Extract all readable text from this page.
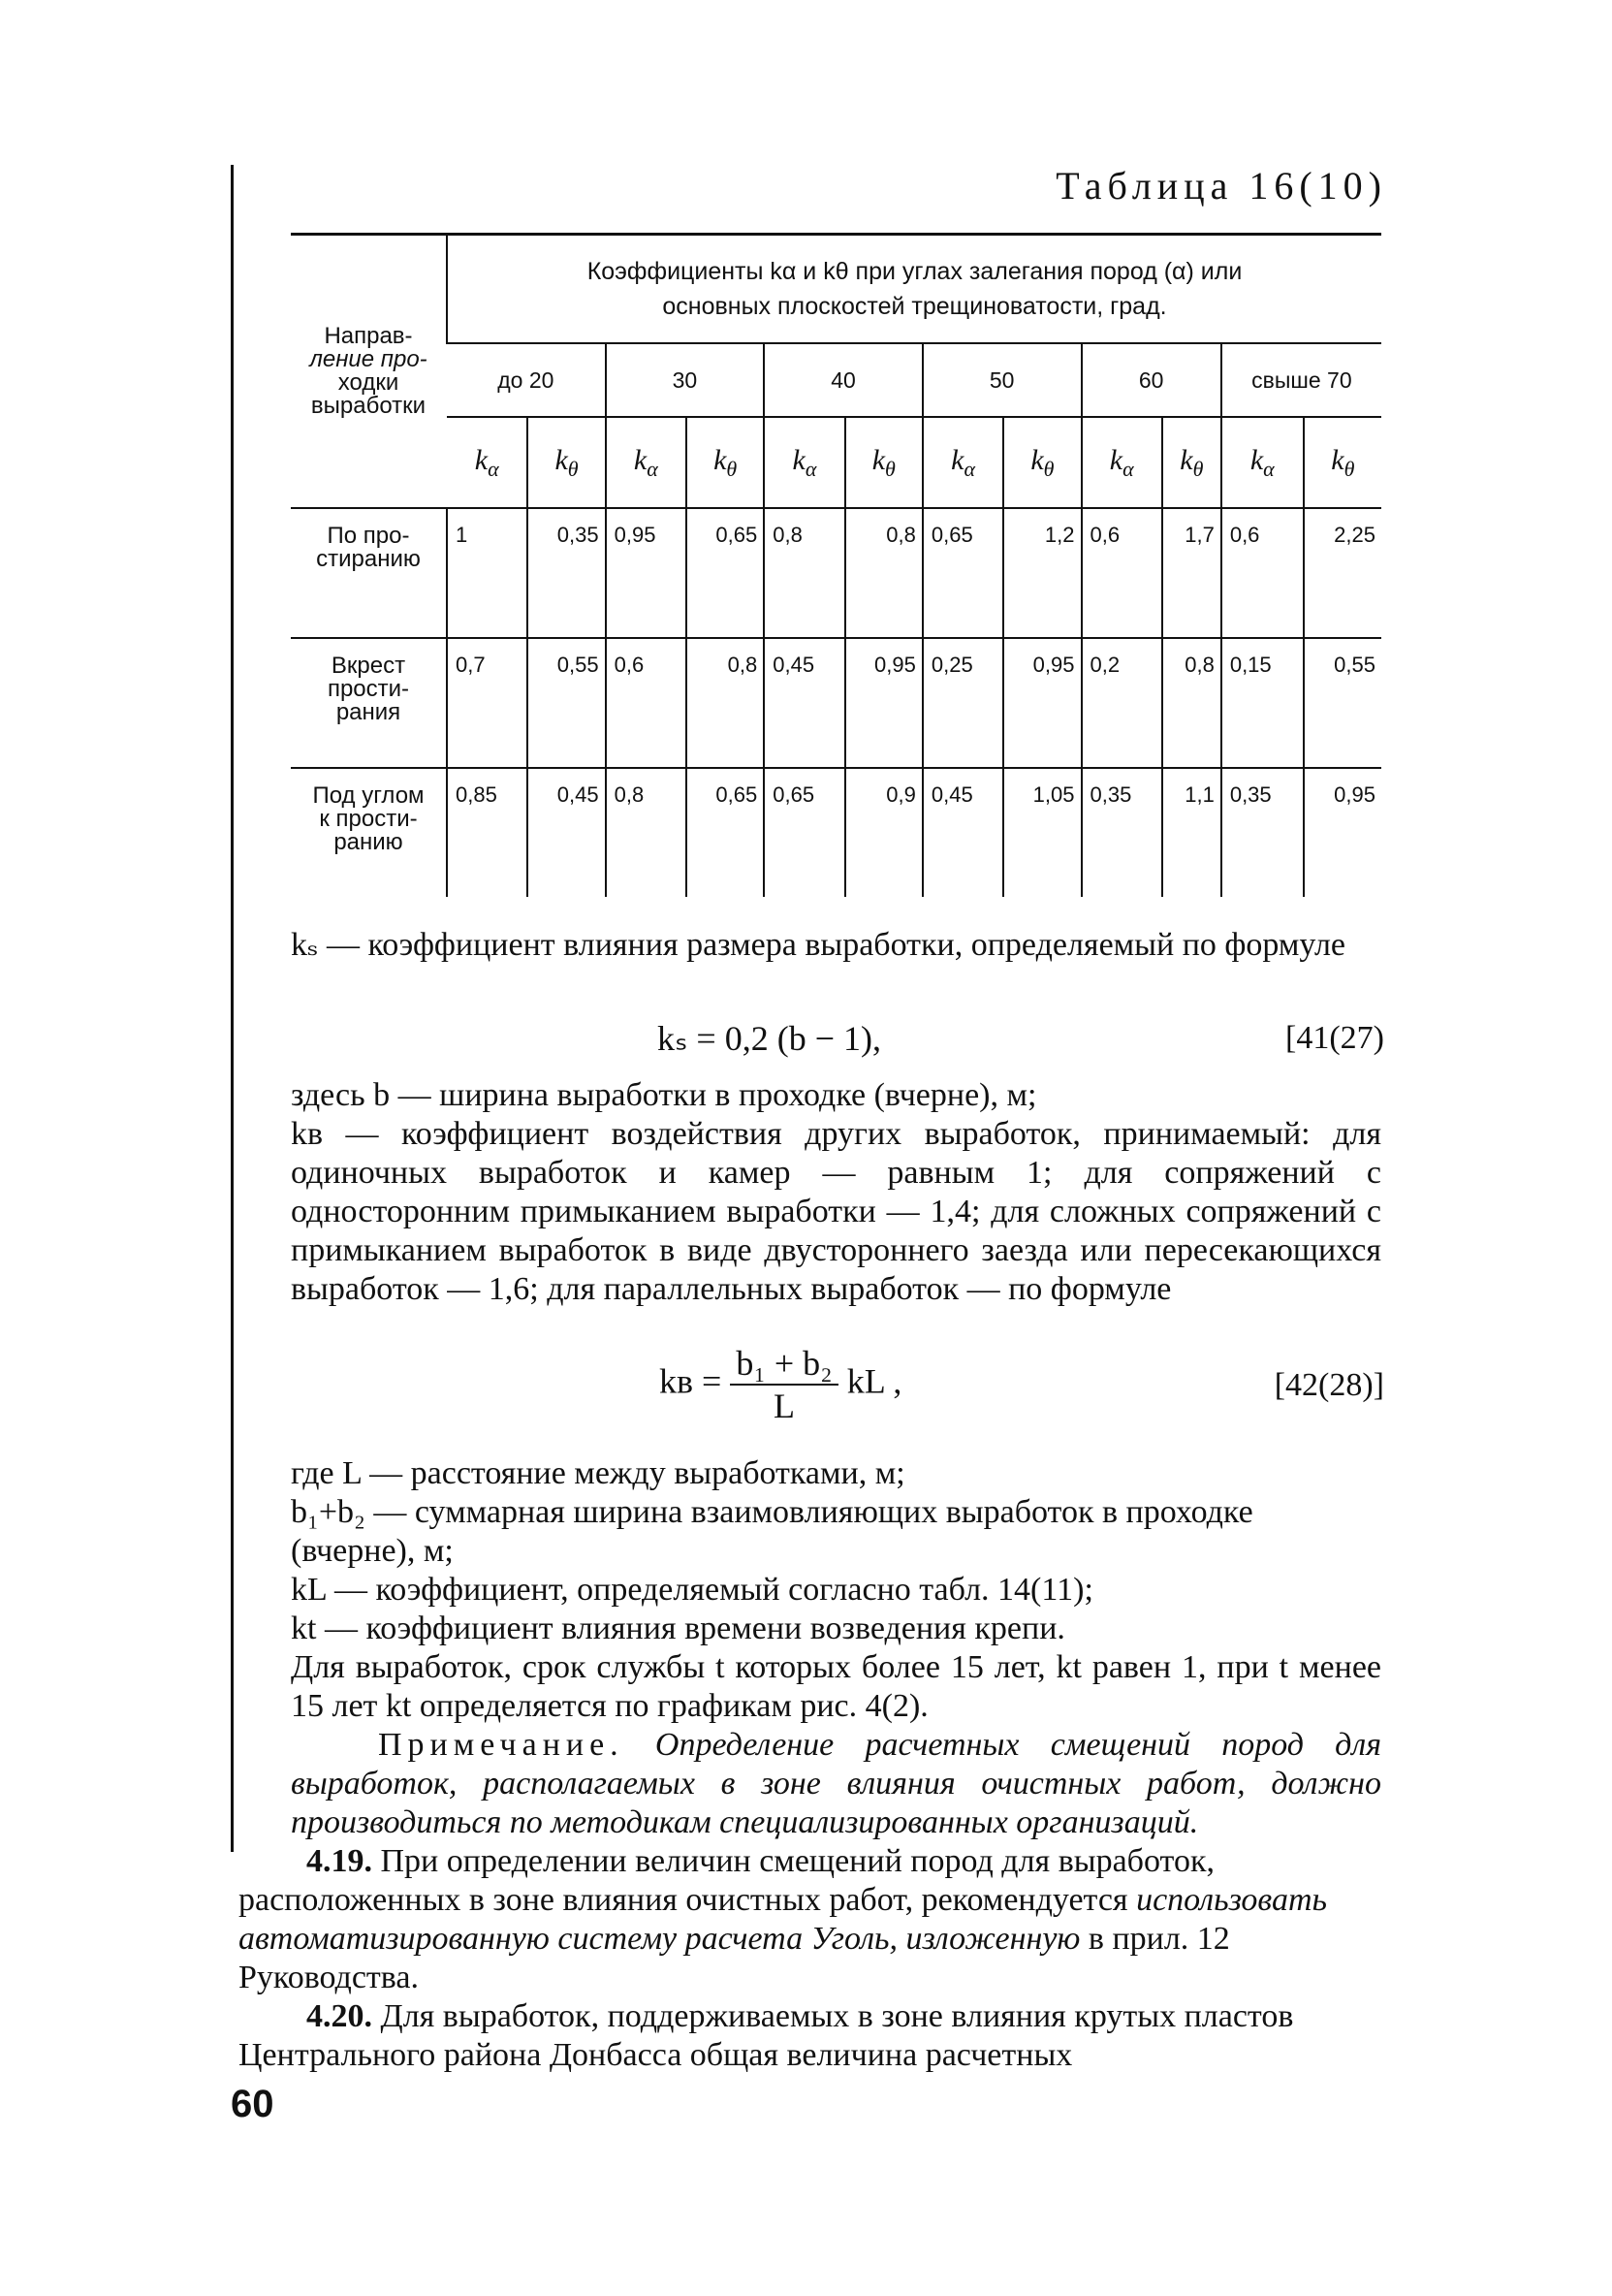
Таблица 16(10)
Направ-
ление про-
ходки
выработки	Коэффициенты kα и kθ при углах залегания пород (α) или
основных плоскостей трещиноватости, град.											
	до 20		30		40		50		60		свыше 70	
	$k_\alpha$	$k_\theta$	$k_\alpha$	$k_\theta$	$k_\alpha$	$k_\theta$	$k_\alpha$	$k_\theta$	$k_\alpha$	$k_\theta$	$k_\alpha$	$k_\theta$

По про-
стиранию	1	0,35	0,95	0,65	0,8	0,8	0,65	1,2	0,6	1,7	0,6	2,25

Вкрест
прости-
рания	0,7	0,55	0,6	0,8	0,45	0,95	0,25	0,95	0,2	0,8	0,15	0,55

Под углом
к прости-
ранию	0,85	0,45	0,8	0,65	0,65	0,9	0,45	1,05	0,35	1,1	0,35	0,95

kₛ — коэффициент влияния размера выработки, определяемый по формуле

kₛ = 0,2 (b − 1),	[41(27)

здесь b — ширина выработки в проходке (вчерне), м;

kв — коэффициент воздействия других выработок, принимаемый: для одиночных выработок и камер — равным 1; для сопряжений с односторонним примыканием выработки — 1,4; для сложных сопряжений с примыканием выработок в виде двустороннего заезда или пересекающихся выработок — 1,6; для параллельных выработок — по формуле

kв = $\frac{\text{b₁ + b₂}}{L}$ kL ,	[42(28)]

где L — расстояние между выработками, м;

b₁+b₂ — суммарная ширина взаимовлияющих выработок в проходке (вчерне), м;

kL — коэффициент, определяемый согласно табл. 14(11);

kt — коэффициент влияния времени возведения крепи.

Для выработок, срок службы t которых более 15 лет, kt равен 1, при t менее 15 лет kt определяется по графикам рис. 4(2).

Примечание. Определение расчетных смещений пород для выработок, располагаемых в зоне влияния очистных работ, должно производиться по методикам специализированных организаций.

4.19. При определении величин смещений пород для выработок, расположенных в зоне влияния очистных работ, рекомендуется использовать автоматизированную систему расчета Уголь, изложенную в прил. 12 Руководства.

4.20. Для выработок, поддерживаемых в зоне влияния крутых пластов Центрального района Донбасса общая величина расчетных

60
